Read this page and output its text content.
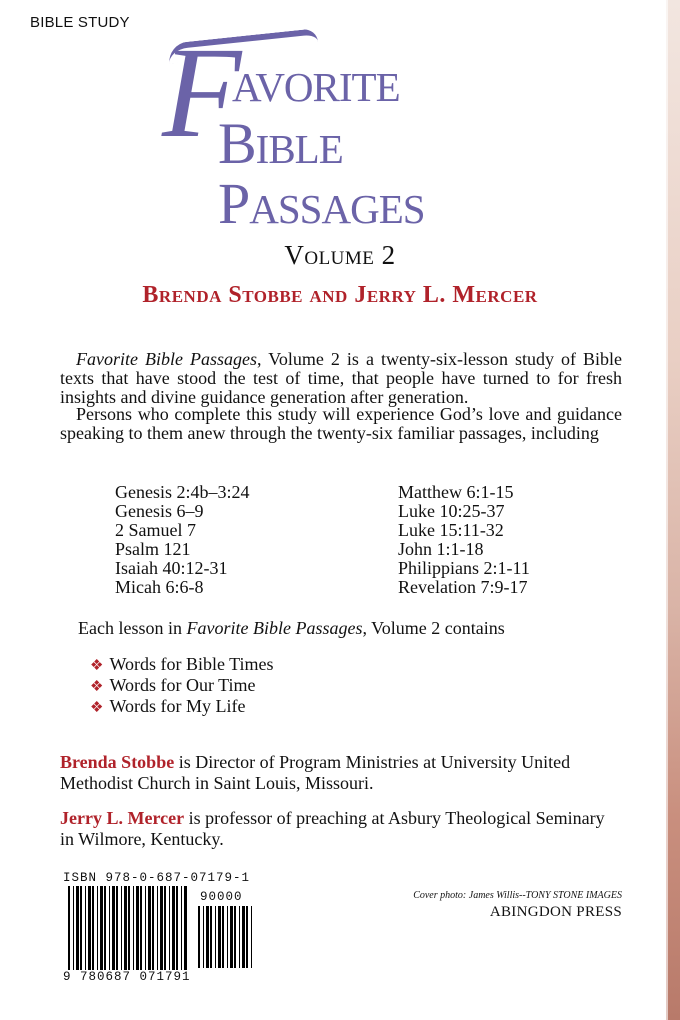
BIBLE STUDY F
avorite
Bible
Passages
Volume 2
Brenda Stobbe and Jerry L. Mercer
Favorite Bible Passages, Volume 2 is a twenty-six-lesson study of Bible texts that have stood the test of time, that people have turned to for fresh insights and divine guidance generation after generation.
Persons who complete this study will experience God’s love and guidance speaking to them anew through the twenty-six familiar passages, including
Genesis 2:4b–3:24
Genesis 6–9
2 Samuel 7
Psalm 121
Isaiah 40:12-31
Micah 6:6-8
Matthew 6:1-15
Luke 10:25-37
Luke 15:11-32
John 1:1-18
Philippians 2:1-11
Revelation 7:9-17
Each lesson in Favorite Bible Passages, Volume 2 contains
❖ Words for Bible Times
❖ Words for Our Time
❖ Words for My Life
Brenda Stobbe is Director of Program Ministries at University United Methodist Church in Saint Louis, Missouri.
Jerry L. Mercer is professor of preaching at Asbury Theological Seminary in Wilmore, Kentucky.
ISBN 978-0-687-07179-1
9 780687 071791
90000	Cover photo: James Willis--TONY STONE IMAGES
ABINGDON PRESS
